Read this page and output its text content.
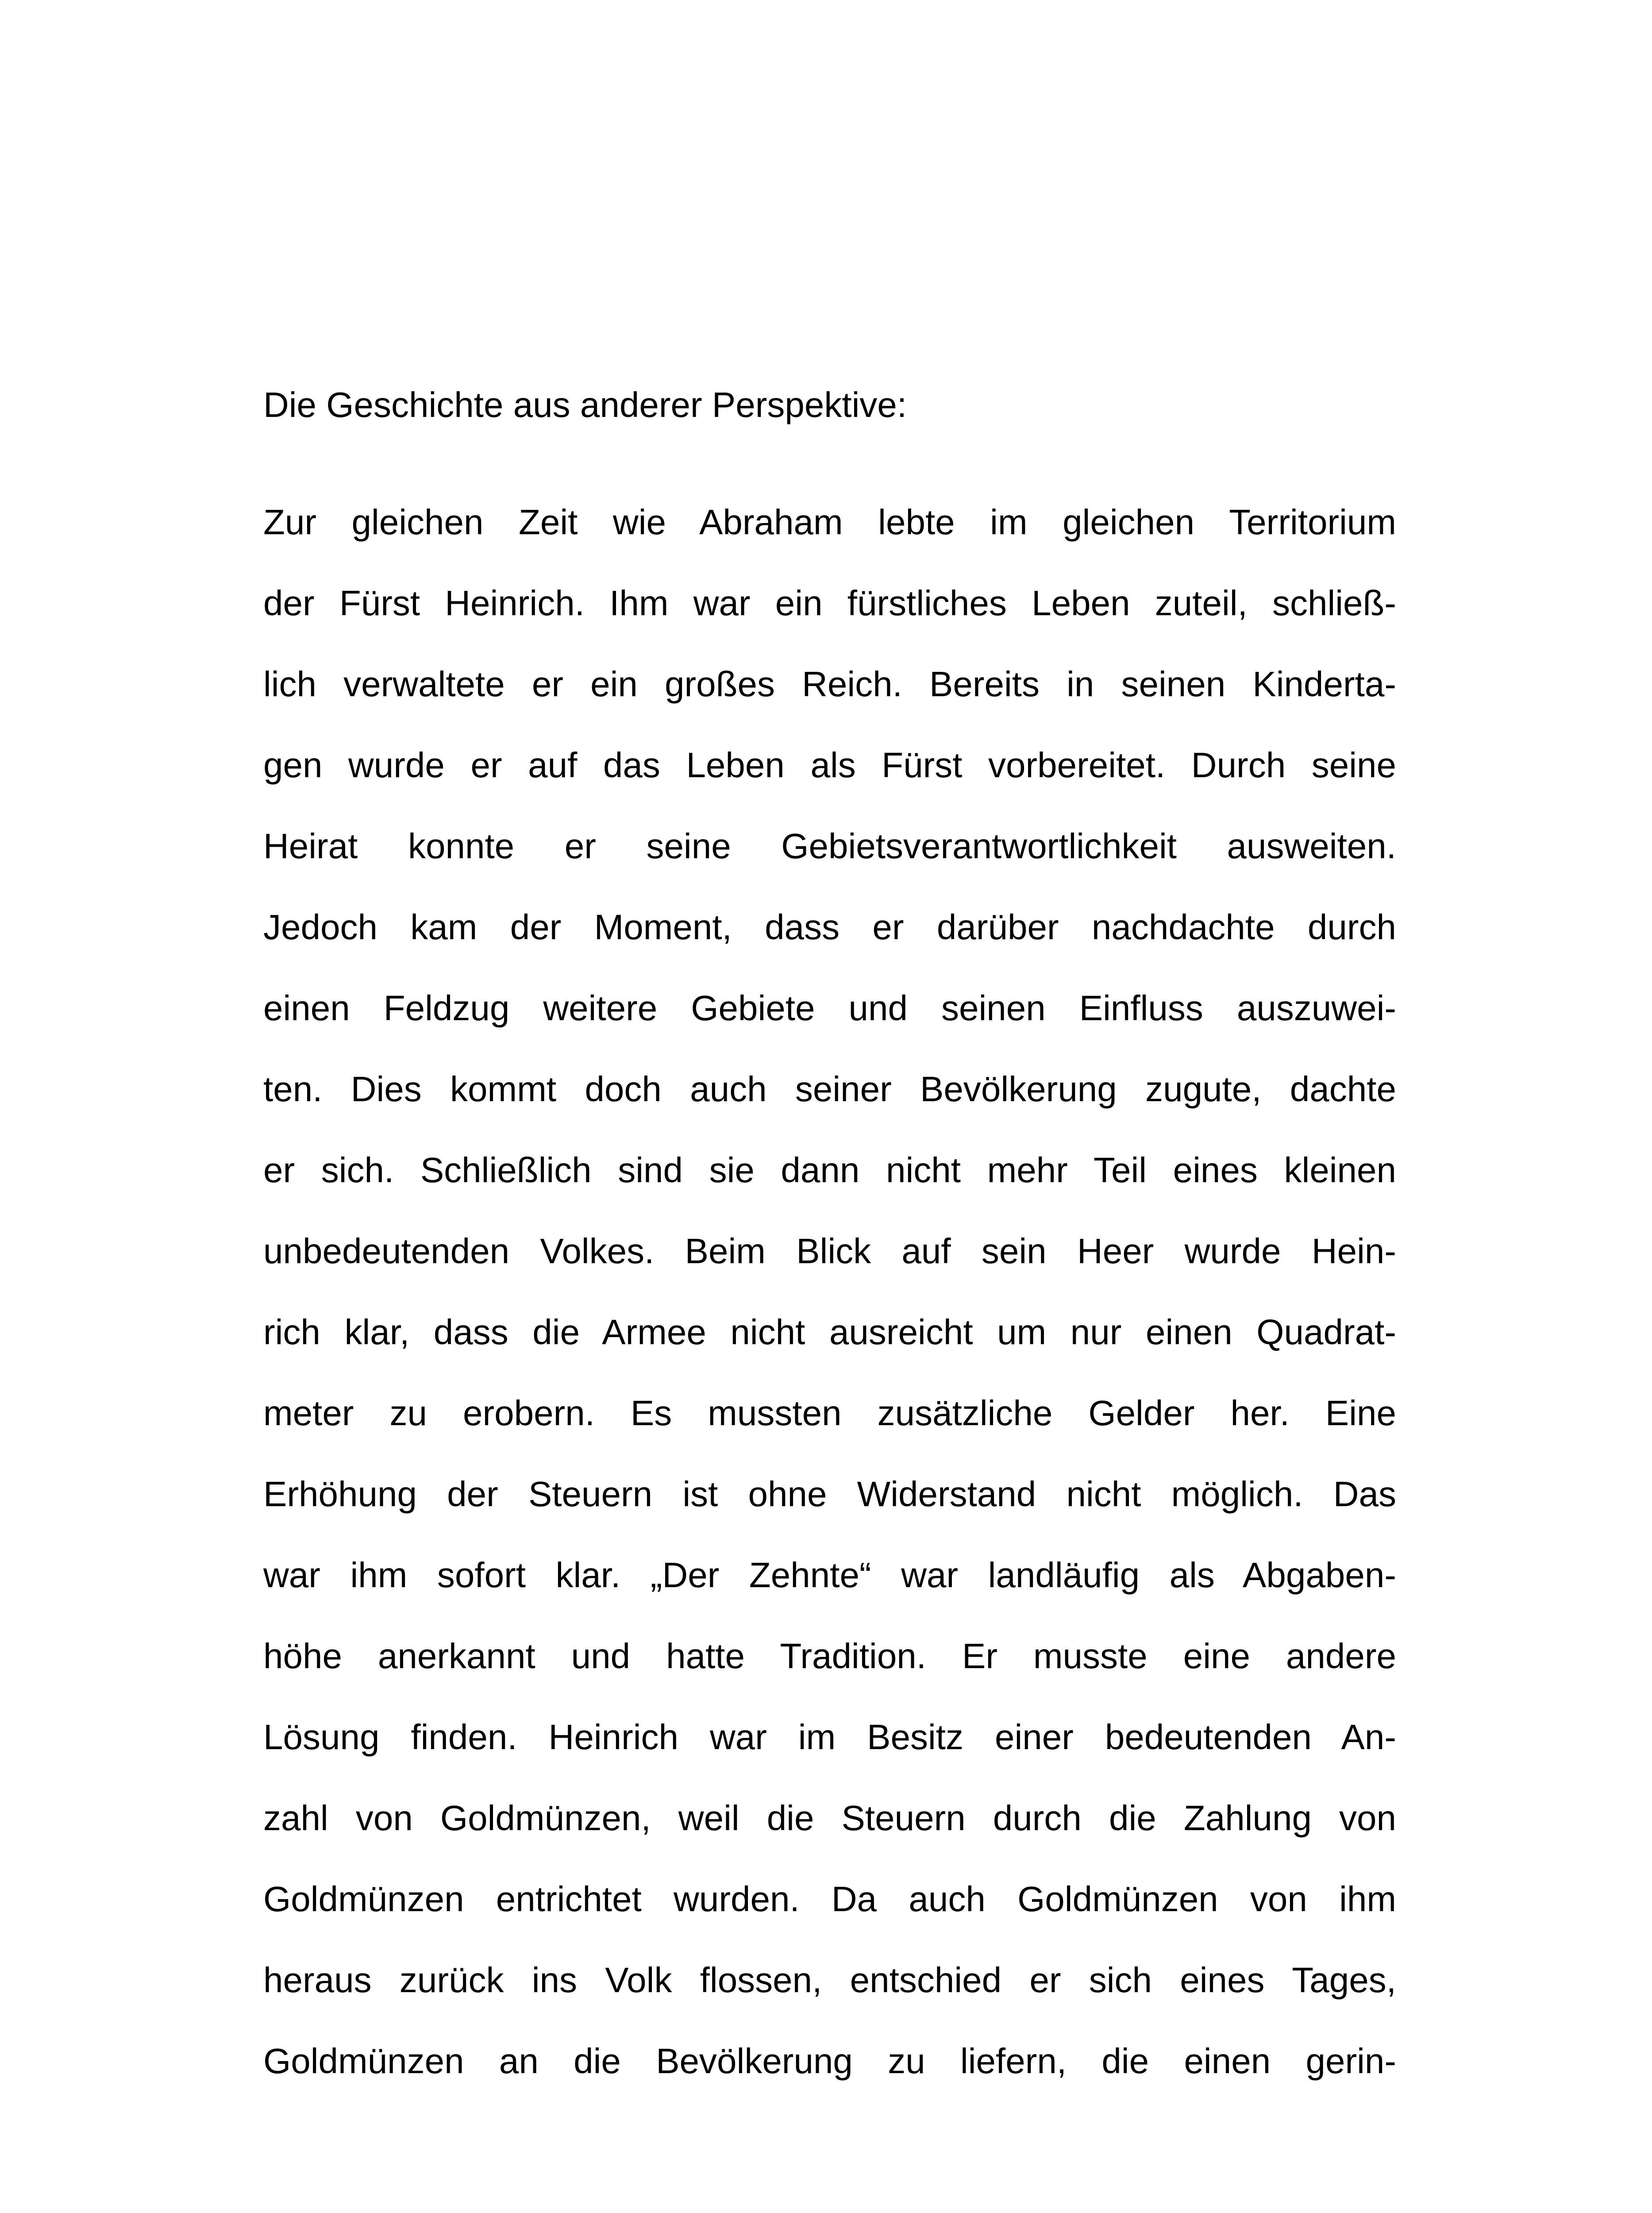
Die Geschichte aus anderer Perspektive:
Zur gleichen Zeit wie Abraham lebte im gleichen Territorium
der Fürst Heinrich. Ihm war ein fürstliches Leben zuteil, schließ-
lich verwaltete er ein großes Reich. Bereits in seinen Kinderta-
gen wurde er auf das Leben als Fürst vorbereitet. Durch seine
Heirat konnte er seine Gebietsverantwortlichkeit ausweiten.
Jedoch kam der Moment, dass er darüber nachdachte durch
einen Feldzug weitere Gebiete und seinen Einfluss auszuwei-
ten. Dies kommt doch auch seiner Bevölkerung zugute, dachte
er sich. Schließlich sind sie dann nicht mehr Teil eines kleinen
unbedeutenden Volkes. Beim Blick auf sein Heer wurde Hein-
rich klar, dass die Armee nicht ausreicht um nur einen Quadrat-
meter zu erobern. Es mussten zusätzliche Gelder her. Eine
Erhöhung der Steuern ist ohne Widerstand nicht möglich. Das
war ihm sofort klar. „Der Zehnte“ war landläufig als Abgaben-
höhe anerkannt und hatte Tradition. Er musste eine andere
Lösung finden. Heinrich war im Besitz einer bedeutenden An-
zahl von Goldmünzen, weil die Steuern durch die Zahlung von
Goldmünzen entrichtet wurden. Da auch Goldmünzen von ihm
heraus zurück ins Volk flossen, entschied er sich eines Tages,
Goldmünzen an die Bevölkerung zu liefern, die einen gerin-
